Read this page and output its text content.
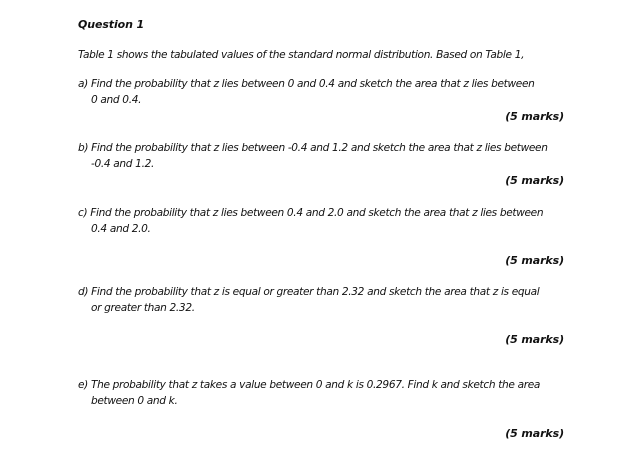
Question 1
Table 1 shows the tabulated values of the standard normal distribution. Based on Table 1,
a) Find the probability that z lies between 0 and 0.4 and sketch the area that z lies between
0 and 0.4.
(5 marks)
b) Find the probability that z lies between -0.4 and 1.2 and sketch the area that z lies between
-0.4 and 1.2.
(5 marks)
c) Find the probability that z lies between 0.4 and 2.0 and sketch the area that z lies between
0.4 and 2.0.
(5 marks)
d) Find the probability that z is equal or greater than 2.32 and sketch the area that z is equal
or greater than 2.32.
(5 marks)
e) The probability that z takes a value between 0 and k is 0.2967. Find k and sketch the area
between 0 and k.
(5 marks)
